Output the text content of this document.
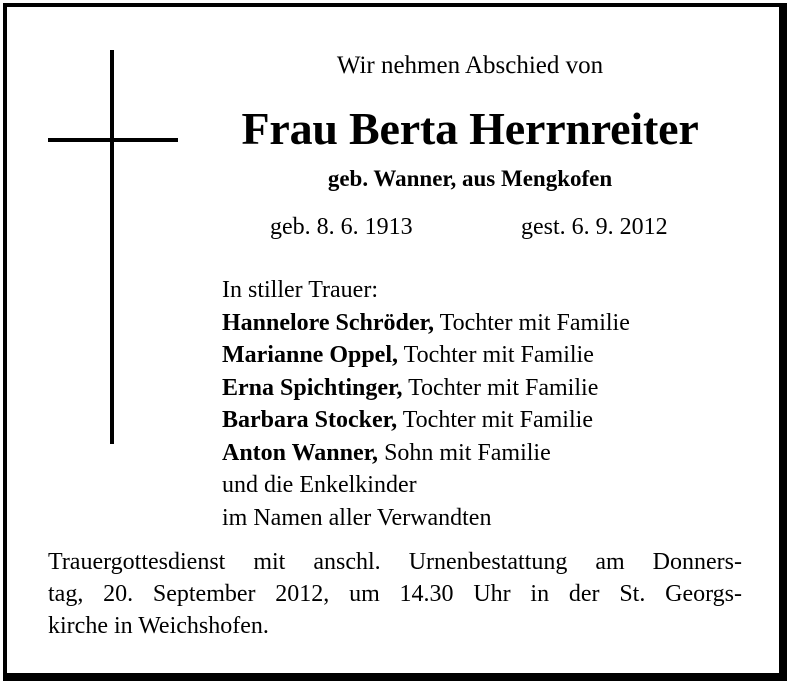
Wir nehmen Abschied von
Frau Berta Herrnreiter
geb. Wanner, aus Mengkofen
geb. 8. 6. 1913	gest. 6. 9. 2012
In stiller Trauer:
Hannelore Schröder, Tochter mit Familie
Marianne Oppel, Tochter mit Familie
Erna Spichtinger, Tochter mit Familie
Barbara Stocker, Tochter mit Familie
Anton Wanner, Sohn mit Familie
und die Enkelkinder
im Namen aller Verwandten
Trauergottesdienst mit anschl. Urnenbestattung am Donners-
tag, 20. September 2012, um 14.30 Uhr in der St. Georgs-
kirche in Weichshofen.
